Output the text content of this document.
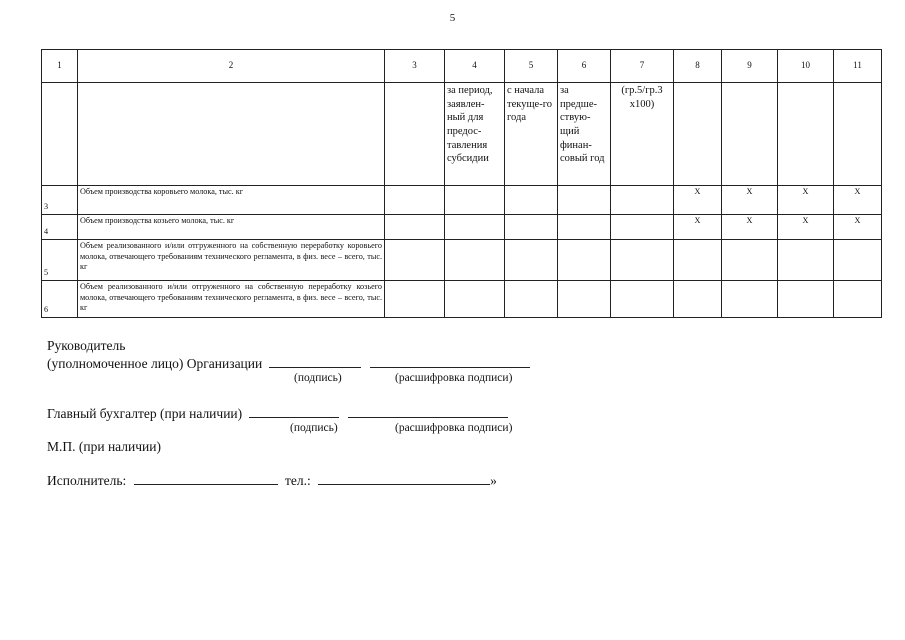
5
1	2	3	4	5	6	7	8	9	10	11
			за период, заявлен-ный для предос-тавления субсидии	с начала текуще-го года	за предше-ствую-щий финан-совый год	(гр.5/гр.3 х100)				
3	Объем производства коровьего молока, тыс. кг						Х	Х	Х	Х
4	Объем производства козьего молока, тыс. кг						Х	Х	Х	Х
5	Объем реализованного и/или отгруженного на собственную переработку коровьего молока, отвечающего требованиям технического регламента, в физ. весе – всего, тыс. кг									
6	Объем реализованного и/или отгруженного на собственную переработку козьего молока, отвечающего требованиям технического регламента, в физ. весе – всего, тыс. кг									
Руководитель
(уполномоченное лицо) Организации
(подпись)	(расшифровка подписи)
Главный бухгалтер (при наличии)
(подпись)	(расшифровка подписи)
М.П. (при наличии)
Исполнитель:	тел.:	»
